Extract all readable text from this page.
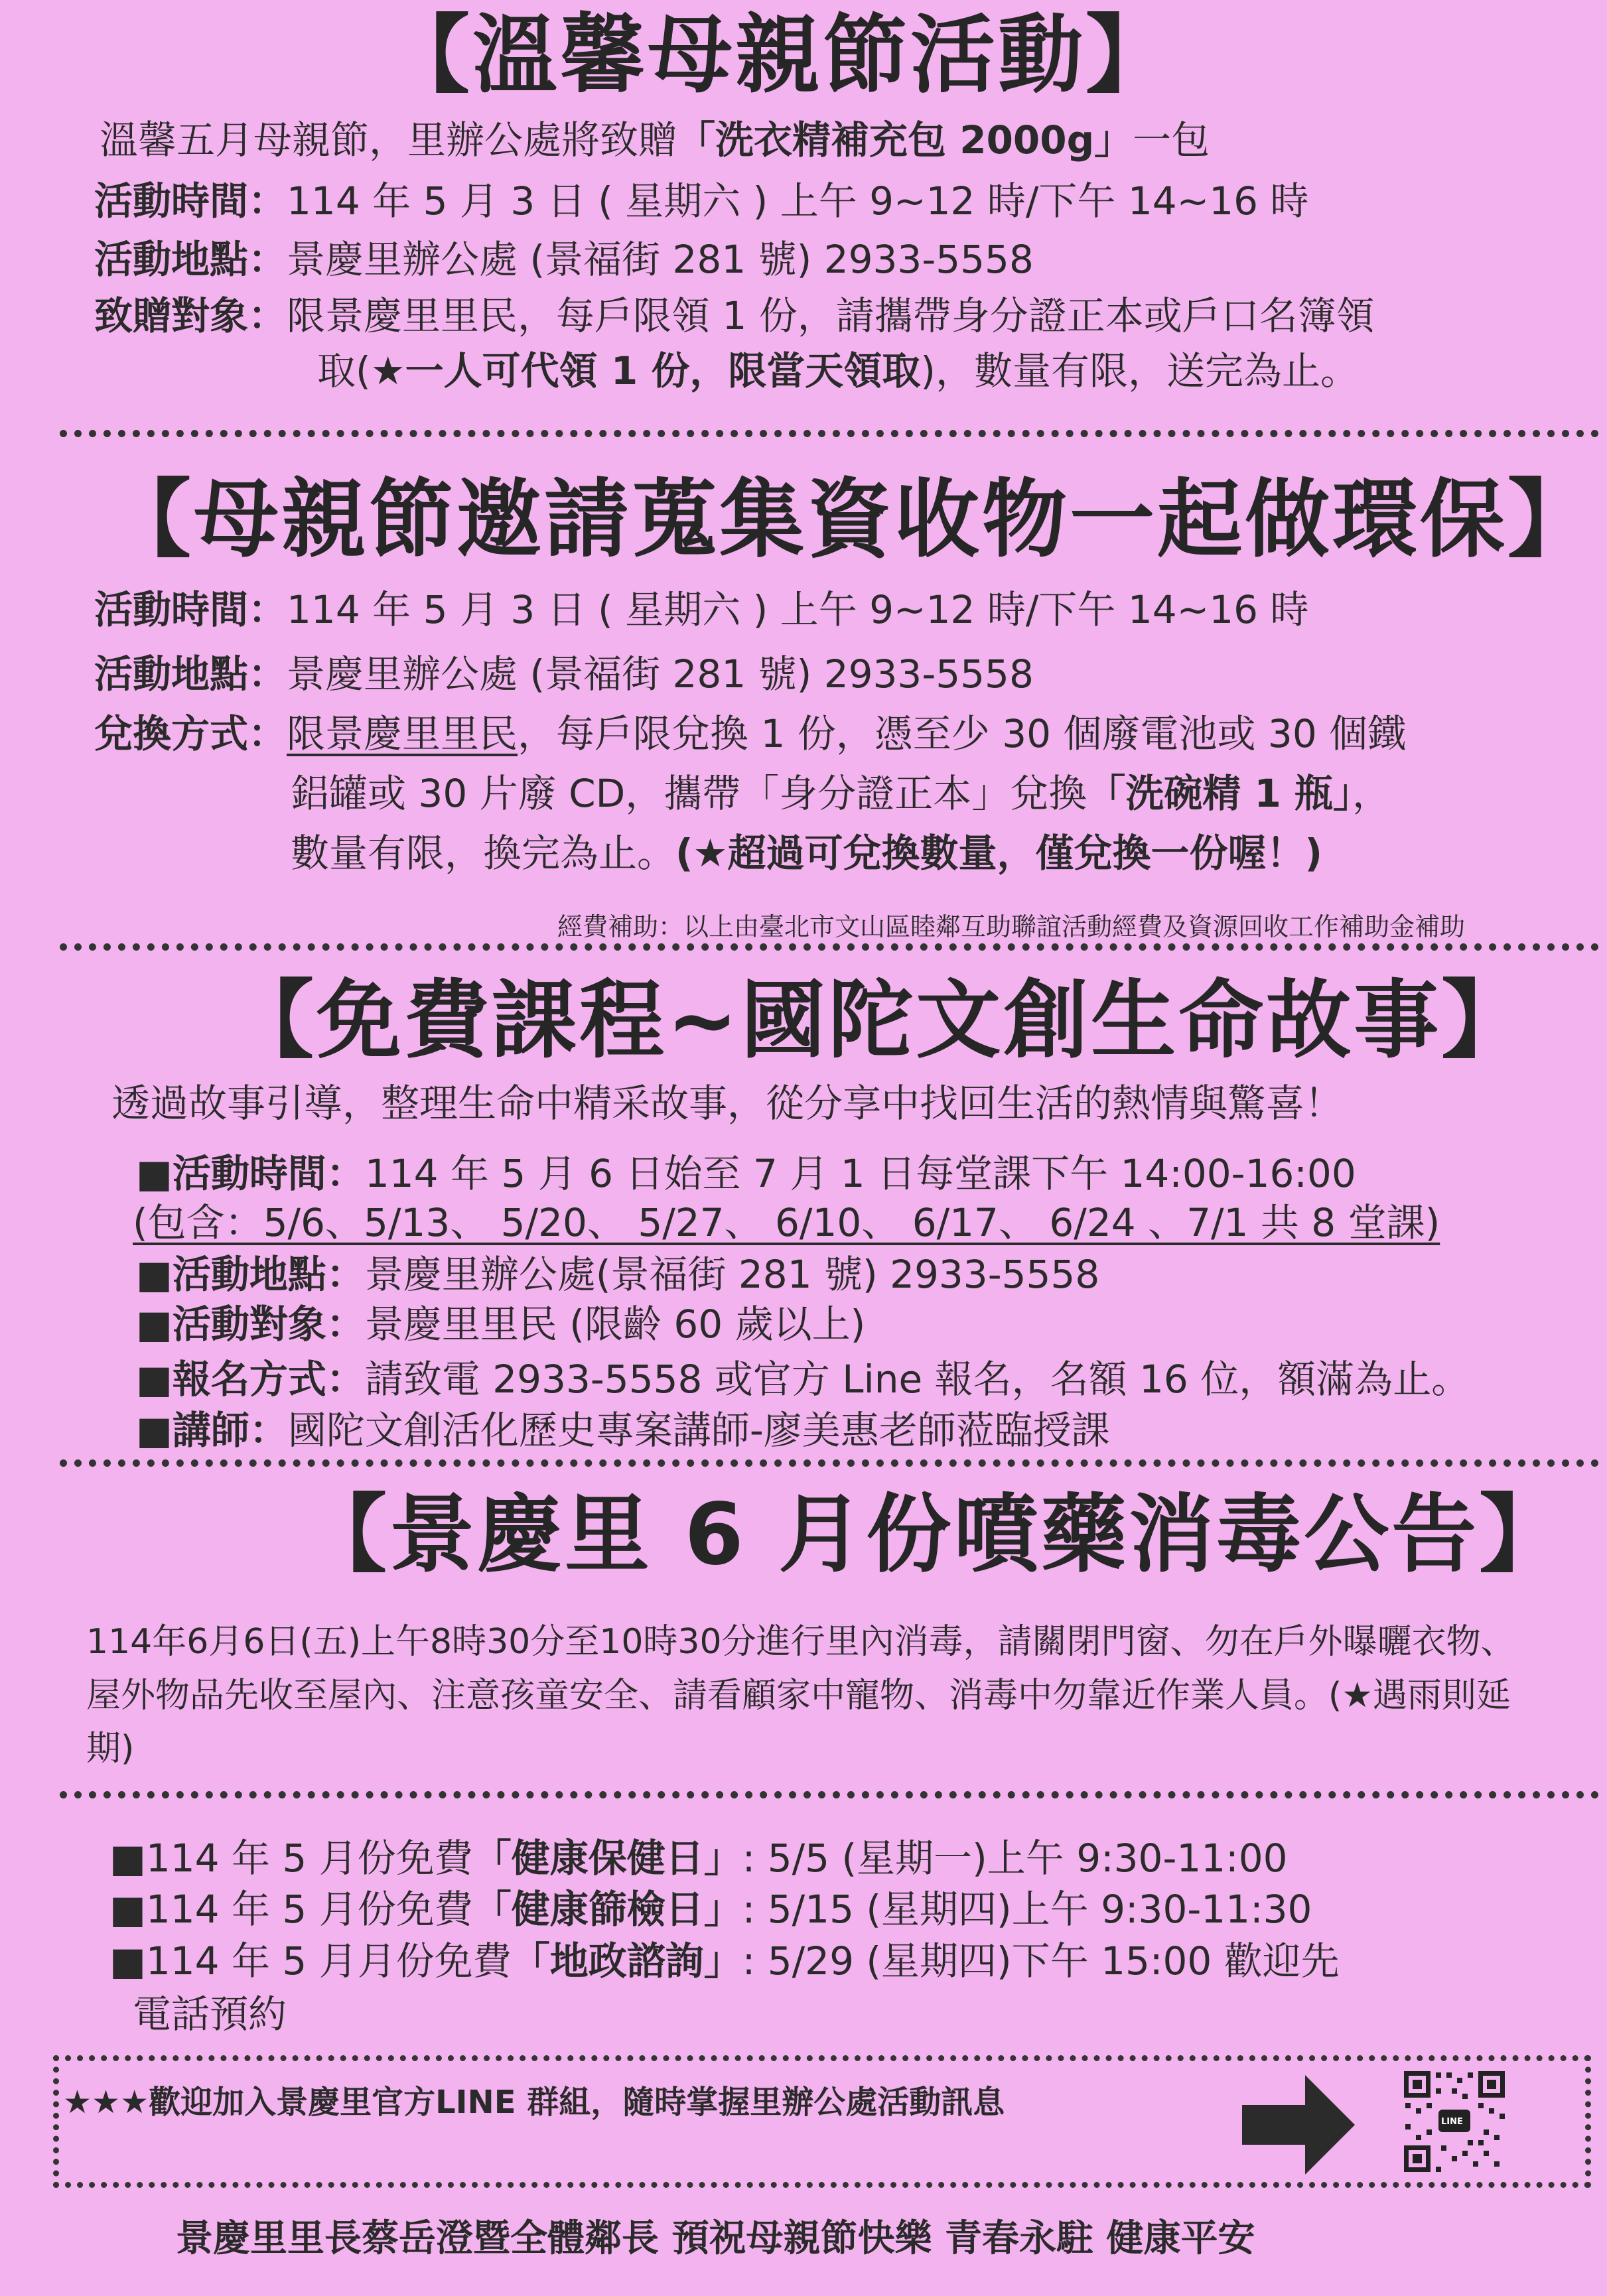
【溫馨母親節活動】
溫馨五月母親節，里辦公處將致贈「洗衣精補充包 2000g」一包
活動時間：114 年 5 月 3 日 ( 星期六 ) 上午 9~12 時/下午 14~16 時
活動地點：景慶里辦公處 (景福街 281 號) 2933-5558
致贈對象：限景慶里里民，每戶限領 1 份，請攜帶身分證正本或戶口名簿領
取(★一人可代領 1 份，限當天領取)，數量有限，送完為止。
【母親節邀請蒐集資收物一起做環保】
活動時間：114 年 5 月 3 日 ( 星期六 ) 上午 9~12 時/下午 14~16 時
活動地點：景慶里辦公處 (景福街 281 號) 2933-5558
兌換方式：限景慶里里民，每戶限兌換 1 份，憑至少 30 個廢電池或 30 個鐵
鋁罐或 30 片廢 CD，攜帶「身分證正本」兌換「洗碗精 1 瓶」，
數量有限，換完為止。(★超過可兌換數量，僅兌換一份喔！)
經費補助：以上由臺北市文山區睦鄰互助聯誼活動經費及資源回收工作補助金補助
【免費課程~國陀文創生命故事】
透過故事引導，整理生命中精采故事，從分享中找回生活的熱情與驚喜！
■活動時間：114 年 5 月 6 日始至 7 月 1 日每堂課下午 14:00-16:00
(包含：5/6、5/13、 5/20、 5/27、 6/10、 6/17、 6/24 、7/1 共 8 堂課)
■活動地點：景慶里辦公處(景福街 281 號) 2933-5558
■活動對象：景慶里里民 (限齡 60 歲以上)
■報名方式：請致電 2933-5558 或官方 Line 報名，名額 16 位，額滿為止。
■講師：國陀文創活化歷史專案講師-廖美惠老師蒞臨授課
【景慶里 6 月份噴藥消毒公告】
114年6月6日(五)上午8時30分至10時30分進行里內消毒，請關閉門窗、勿在戶外曝曬衣物、屋外物品先收至屋內、注意孩童安全、請看顧家中寵物、消毒中勿靠近作業人員。(★遇雨則延期)
■114 年 5 月份免費「健康保健日」: 5/5 (星期一)上午 9:30-11:00
■114 年 5 月份免費「健康篩檢日」: 5/15 (星期四)上午 9:30-11:30
■114 年 5 月月份免費「地政諮詢」: 5/29 (星期四)下午 15:00 歡迎先
電話預約
★★★歡迎加入景慶里官方LINE 群組，隨時掌握里辦公處活動訊息
LINE
景慶里里長蔡岳澄暨全體鄰長 預祝母親節快樂 青春永駐 健康平安
